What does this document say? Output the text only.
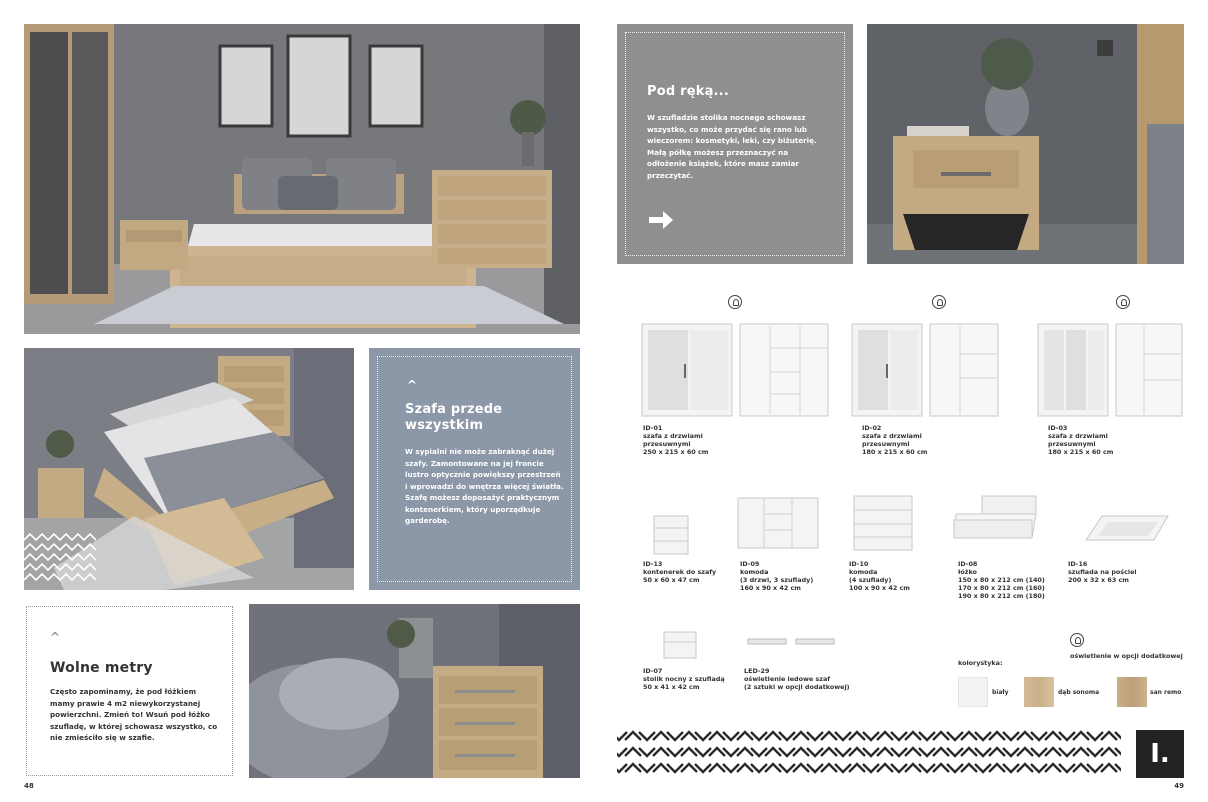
^
Szafa przede wszystkim
W sypialni nie może zabraknąć dużej szafy. Zamontowane na jej froncie lustro optycznie powiększy przestrzeń i wprowadzi do wnętrza więcej światła. Szafę możesz doposażyć praktycznym kontenerkiem, który uporządkuje garderobę.
^
Wolne metry
Często zapominamy, że pod łóżkiem mamy prawie 4 m2 niewykorzystanej powierzchni. Zmień to! Wsuń pod łóżko szufladę, w której schowasz wszystko, co nie zmieściło się w szafie.
48
Pod ręką...
W szufladzie stolika nocnego schowasz wszystko, co może przydać się rano lub wieczorem: kosmetyki, leki, czy biżuterię. Małą półkę możesz przeznaczyć na odłożenie książek, które masz zamiar przeczytać.
ID-01
szafa z drzwiami
przesuwnymi
250 x 215 x 60 cm
ID-02
szafa z drzwiami
przesuwnymi
180 x 215 x 60 cm
ID-03
szafa z drzwiami
przesuwnymi
180 x 215 x 60 cm
ID-13
kontenerek do szafy
50 x 60 x 47 cm
ID-09
komoda
(3 drzwi, 3 szuflady)
160 x 90 x 42 cm
ID-10
komoda
(4 szuflady)
100 x 90 x 42 cm
ID-08
łóżko
150 x 80 x 212 cm (140)
170 x 80 x 212 cm (160)
190 x 80 x 212 cm (180)
ID-16
szuflada na pościel
200 x 32 x 63 cm
ID-07
stolik nocny z szufladą
50 x 41 x 42 cm
LED-29
oświetlenie ledowe szaf
(2 sztuki w opcji dodatkowej)
oświetlenie w opcji dodatkowej
kolorystyka:
biały	dąb sonoma	san remo
I.
49
